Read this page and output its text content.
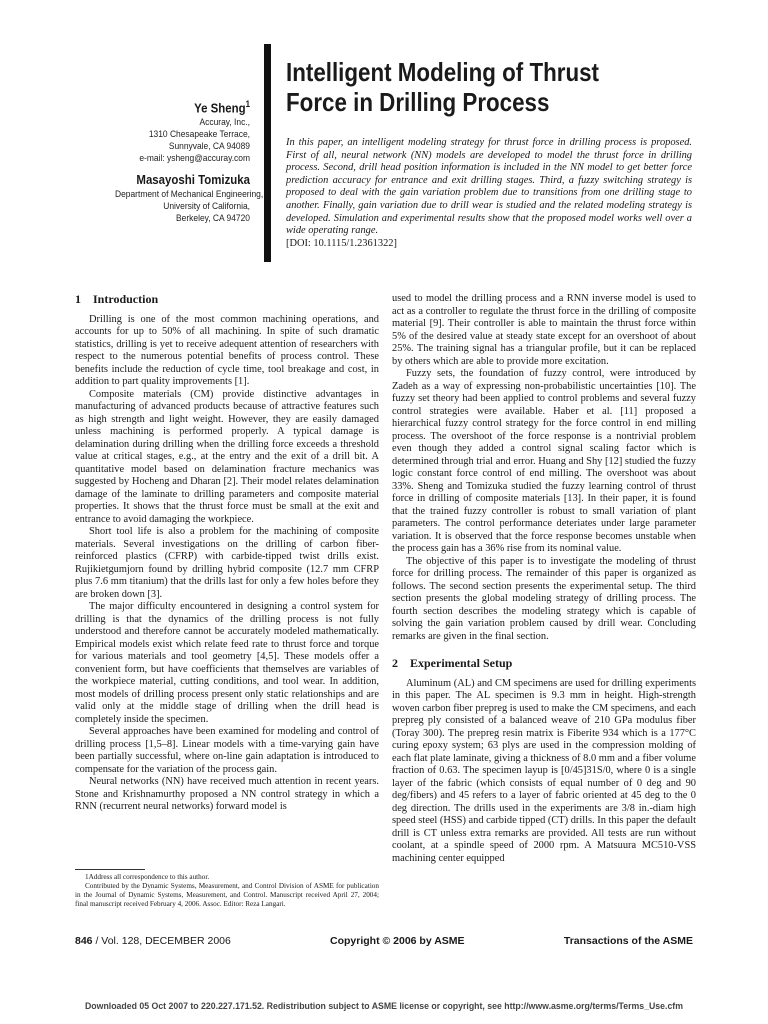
Ye Sheng$^1$
Accuray, Inc.,
1310 Chesapeake Terrace,
Sunnyvale, CA 94089
e-mail: ysheng@accuray.com
Masayoshi Tomizuka
Department of Mechanical Engineering,
University of California,
Berkeley, CA 94720
Intelligent Modeling of Thrust
Force in Drilling Process
In this paper, an intelligent modeling strategy for thrust force in drilling process is proposed. First of all, neural network (NN) models are developed to model the thrust force in drilling process. Second, drill head position information is included in the NN model to get better force prediction accuracy for entrance and exit drilling stages. Third, a fuzzy switching strategy is proposed to deal with the gain variation problem due to transitions from one drilling stage to another. Finally, gain variation due to drill wear is studied and the related modeling strategy is developed. Simulation and experimental results show that the proposed model works well over a wide operating range.
[DOI: 10.1115/1.2361322]
1 Introduction

Drilling is one of the most common machining operations, and accounts for up to 50% of all machining. In spite of such dramatic statistics, drilling is yet to receive adequent attention of researchers with respect to the numerous potential benefits of process control. These benefits include the reduction of cycle time, tool breakage and cost, in addition to part quality improvements [1].

Composite materials (CM) provide distinctive advantages in manufacturing of advanced products because of attractive features such as high strength and light weight. However, they are easily damaged unless machining is performed properly. A typical damage is delamination during drilling when the drilling force exceeds a threshold value at critical stages, e.g., at the entry and the exit of a drill bit. A quantitative model based on delamination fracture mechanics was suggested by Hocheng and Dharan [2]. Their model relates delamination damage of the laminate to drilling parameters and composite material properties. It shows that the thrust force must be small at the exit and entrance to avoid damaging the workpiece.

Short tool life is also a problem for the machining of composite materials. Several investigations on the drilling of carbon fiber-reinforced plastics (CFRP) with carbide-tipped twist drills exist. Rujikietgumjorn found by drilling hybrid composite (12.7 mm CFRP plus 7.6 mm titanium) that the drills last for only a few holes before they are broken down [3].

The major difficulty encountered in designing a control system for drilling is that the dynamics of the drilling process is not fully understood and therefore cannot be accurately modeled mathematically. Empirical models exist which relate feed rate to thrust force and torque for various materials and tool geometry [4,5]. These models offer a convenient form, but have coefficients that themselves are variables of the workpiece material, cutting conditions, and tool wear. In addition, most models of drilling process present only static relationships and are valid only at the middle stage of drilling when the drill head is completely inside the specimen.

Several approaches have been examined for modeling and control of drilling process [1,5–8]. Linear models with a time-varying gain have been partially successful, where on-line gain adaptation is introduced to compensate for the variation of the process gain.

Neural networks (NN) have received much attention in recent years. Stone and Krishnamurthy proposed a NN control strategy in which a RNN (recurrent neural networks) forward model is

1Address all correspondence to this author.

Contributed by the Dynamic Systems, Measurement, and Control Division of ASME for publication in the Journal of Dynamic Systems, Measurement, and Control. Manuscript received April 27, 2004; final manuscript received February 4, 2006. Assoc. Editor: Reza Langari.

used to model the drilling process and a RNN inverse model is used to act as a controller to regulate the thrust force in the drilling of composite material [9]. Their controller is able to maintain the thrust force within 5% of the desired value at steady state except for an overshoot of about 25%. The training signal has a triangular profile, but it can be replaced by others which are able to provide more excitation.

Fuzzy sets, the foundation of fuzzy control, were introduced by Zadeh as a way of expressing non-probabilistic uncertainties [10]. The fuzzy set theory had been applied to control problems and several fuzzy control strategies were available. Haber et al. [11] proposed a hierarchical fuzzy control strategy for the force control in end milling process. The overshoot of the force response is a nontrivial problem even though they added a control signal scaling factor which is determined through trial and error. Huang and Shy [12] studied the fuzzy logic constant force control of end milling. The overshoot was about 33%. Sheng and Tomizuka studied the fuzzy learning control of thrust force in drilling of composite materials [13]. In their paper, it is found that the trained fuzzy controller is robust to small variation of plant parameters. The control performance deteriates under large parameter variation. It is observed that the force response becomes unstable when the process gain has a 36% rise from its nominal value.

The objective of this paper is to investigate the modeling of thrust force for drilling process. The remainder of this paper is organized as follows. The second section presents the experimental setup. The third section presents the global modeling strategy of drilling process. The fourth section describes the modeling strategy which is capable of solving the gain variation problem caused by drill wear. Concluding remarks are given in the final section.

2 Experimental Setup

Aluminum (AL) and CM specimens are used for drilling experiments in this paper. The AL specimen is 9.3 mm in height. High-strength woven carbon fiber prepreg is used to make the CM specimens, and each prepreg ply consisted of a balanced weave of 210 GPa modulus fiber (Toray 300). The prepreg resin matrix is Fiberite 934 which is a 177°C curing epoxy system; 63 plys are used in the compression molding of each flat plate laminate, giving a thickness of 8.0 mm and a fiber volume fraction of 0.63. The specimen layup is [0/45]31S/0, where 0 is a single layer of the fabric (which consists of equal number of 0 deg and 90 deg/fibers) and 45 refers to a layer of fabric oriented at 45 deg to the 0 deg direction. The drills used in the experiments are 3/8 in.-diam high speed steel (HSS) and carbide tipped (CT) drills. In this paper the default drill is CT unless extra remarks are provided. All tests are run without coolant, at a spindle speed of 2000 rpm. A Matsuura MC510-VSS machining center equipped

846 / Vol. 128, DECEMBER 2006	Copyright © 2006 by ASME	Transactions of the ASME
Downloaded 05 Oct 2007 to 220.227.171.52. Redistribution subject to ASME license or copyright, see http://www.asme.org/terms/Terms_Use.cfm
